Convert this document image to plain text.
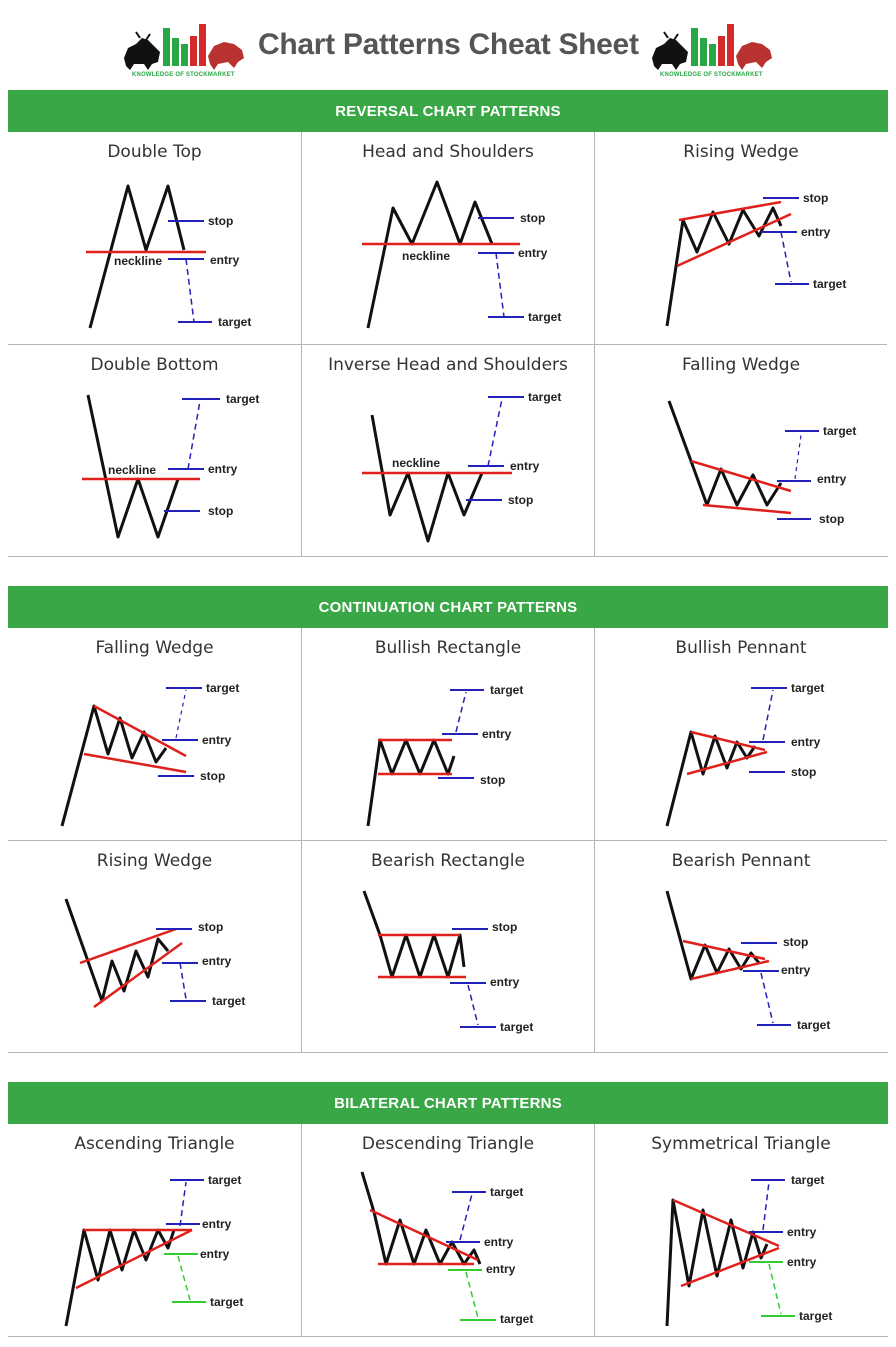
KNOWLEDGE OF STOCKMARKET
Chart Patterns Cheat Sheet
KNOWLEDGE OF STOCKMARKET
REVERSAL CHART PATTERNS
Double Top
stop
entry
target
neckline
Head and Shoulders
stop
entry
target
neckline
Rising Wedge
stop
entry
target
Double Bottom
target
entry
stop
neckline
Inverse Head and Shoulders
target
entry
stop
neckline
Falling Wedge
target
entry
stop
CONTINUATION CHART PATTERNS
Falling Wedge
target
entry
stop
Bullish Rectangle
target
entry
stop
Bullish Pennant
target
entry
stop
Rising Wedge
stop
entry
target
Bearish Rectangle
stop
entry
target
Bearish Pennant
stop
entry
target
BILATERAL CHART PATTERNS
Ascending Triangle
target
entry
entry
target
Descending Triangle
target
entry
entry
target
Symmetrical Triangle
target
entry
entry
target
